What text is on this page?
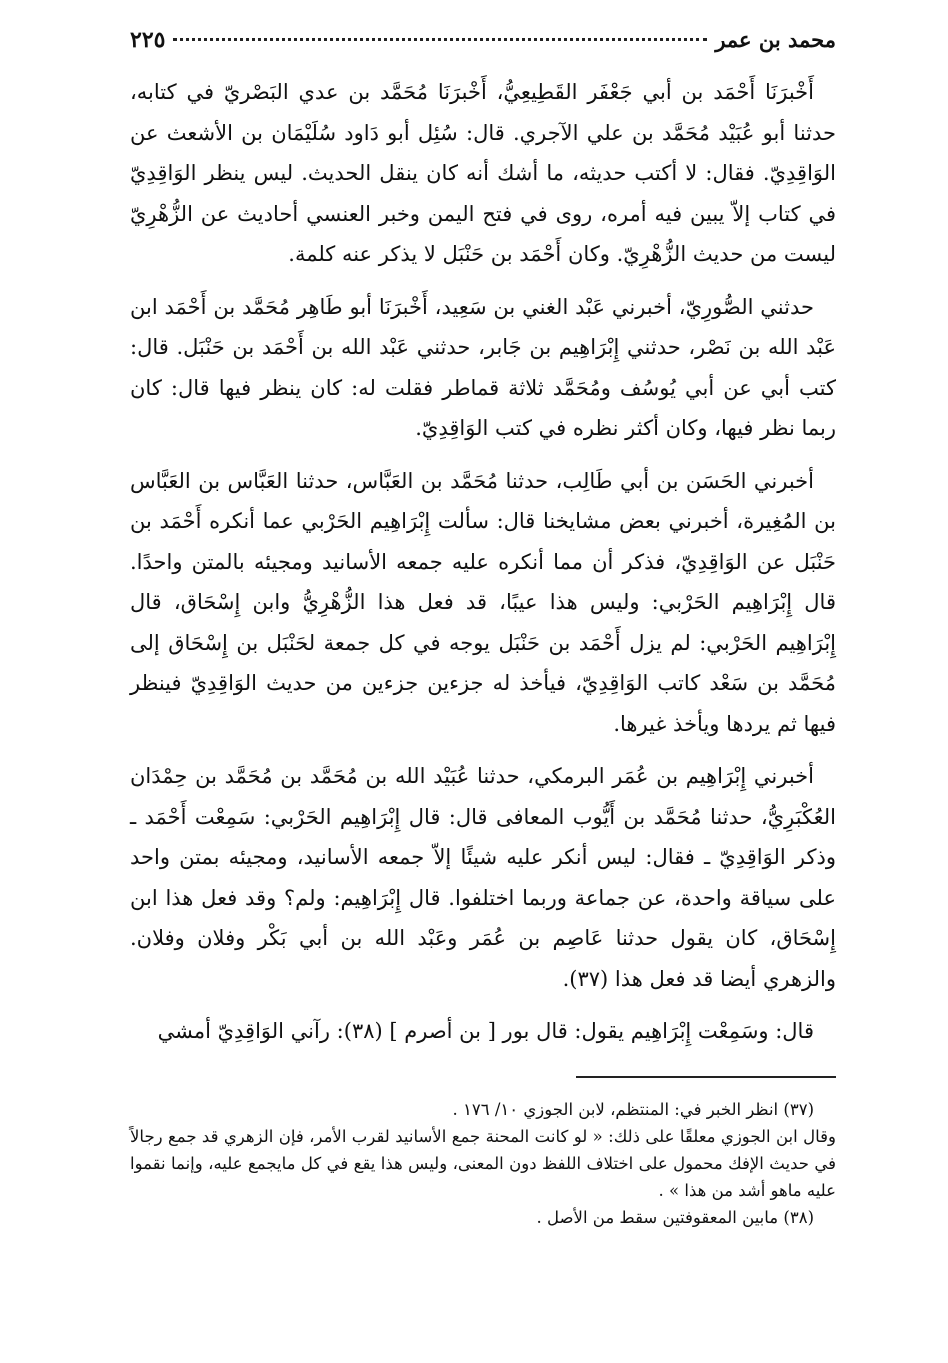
محمد بن عمر
٢٢٥

أَخْبرَنَا أَحْمَد بن أبي جَعْفَر القَطِيعِيُّ، أَخْبرَنَا مُحَمَّد بن عدي البَصْريّ في كتابه، حدثنا أبو عُبَيْد مُحَمَّد بن علي الآجري. قال: سُئِل أبو دَاود سُلَيْمَان بن الأشعث عن الوَاقِدِيّ. فقال: لا أكتب حديثه، ما أشك أنه كان ينقل الحديث. ليس ينظر الوَاقِدِيّ في كتاب إلاّ يبين فيه أمره، روى في فتح اليمن وخبر العنسي أحاديث عن الزُّهْرِيّ ليست من حديث الزُّهْرِيّ. وكان أَحْمَد بن حَنْبَل لا يذكر عنه كلمة.

حدثني الصُّورِيّ، أخبرني عَبْد الغني بن سَعِيد، أَخْبرَنَا أبو طَاهِر مُحَمَّد بن أَحْمَد ابن عَبْد الله بن نَصْر، حدثني إِبْرَاهِيم بن جَابر، حدثني عَبْد الله بن أَحْمَد بن حَنْبَل. قال: كتب أبي عن أبي يُوسُف ومُحَمَّد ثلاثة قماطر فقلت له: كان ينظر فيها قال: كان ربما نظر فيها، وكان أكثر نظره في كتب الوَاقِدِيّ.

أخبرني الحَسَن بن أبي طَالِب، حدثنا مُحَمَّد بن العَبَّاس، حدثنا العَبَّاس بن العَبَّاس بن المُغِيرة، أخبرني بعض مشايخنا قال: سألت إِبْرَاهِيم الحَرْبي عما أنكره أَحْمَد بن حَنْبَل عن الوَاقِدِيّ، فذكر أن مما أنكره عليه جمعه الأسانيد ومجيئه بالمتن واحدًا. قال إِبْرَاهِيم الحَرْبي: وليس هذا عيبًا، قد فعل هذا الزُّهْرِيُّ وابن إِسْحَاق، قال إِبْرَاهِيم الحَرْبي: لم يزل أَحْمَد بن حَنْبَل يوجه في كل جمعة لحَنْبَل بن إِسْحَاق إلى مُحَمَّد بن سَعْد كاتب الوَاقِدِيّ، فيأخذ له جزءين جزءين من حديث الوَاقِدِيّ فينظر فيها ثم يردها ويأخذ غيرها.

أخبرني إِبْرَاهِيم بن عُمَر البرمكي، حدثنا عُبَيْد الله بن مُحَمَّد بن مُحَمَّد بن حِمْدَان العُكْبَرِيُّ، حدثنا مُحَمَّد بن أَيُّوب المعافى قال: قال إِبْرَاهِيم الحَرْبي: سَمِعْت أَحْمَد ـ وذكر الوَاقِدِيّ ـ فقال: ليس أنكر عليه شيئًا إلاّ جمعه الأسانيد، ومجيئه بمتن واحد على سياقة واحدة، عن جماعة وربما اختلفوا. قال إِبْرَاهِيم: ولم؟ وقد فعل هذا ابن إِسْحَاق، كان يقول حدثنا عَاصِم بن عُمَر وعَبْد الله بن أبي بَكْر وفلان وفلان. والزهري أيضا قد فعل هذا (٣٧).

قال: وسَمِعْت إِبْرَاهِيم يقول: قال بور [ بن أصرم ] (٣٨): رآني الوَاقِدِيّ أمشي

(٣٧) انظر الخبر في: المنتظم، لابن الجوزي ١٠/ ١٧٦ .

وقال ابن الجوزي معلقًا على ذلك: « لو كانت المحنة جمع الأسانيد لقرب الأمر، فإن الزهري قد جمع رجالاً في حديث الإفك محمول على اختلاف اللفظ دون المعنى، وليس هذا يقع في كل مايجمع عليه، وإنما نقموا عليه ماهو أشد من هذا » .

(٣٨) مابين المعقوفتين سقط من الأصل .
